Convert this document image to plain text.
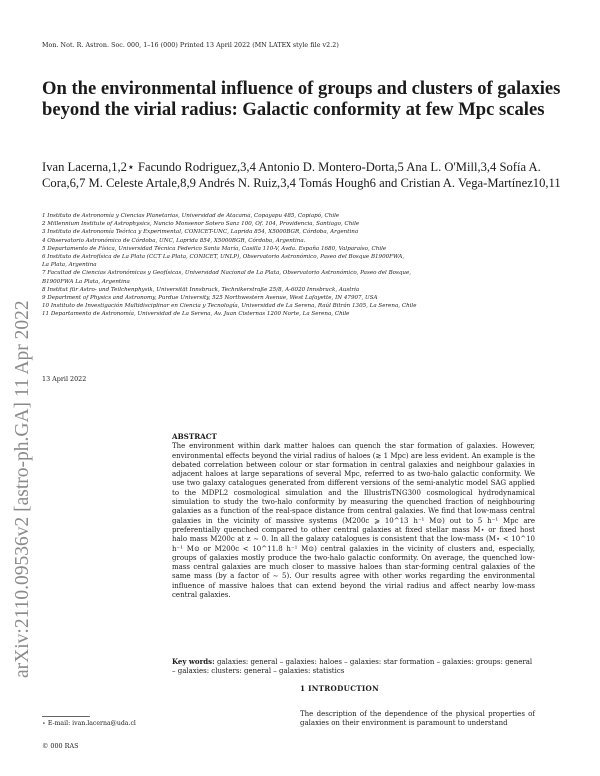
Mon. Not. R. Astron. Soc. 000, 1–16 (000) Printed 13 April 2022 (MN LATEX style file v2.2)
On the environmental influence of groups and clusters of galaxies beyond the virial radius: Galactic conformity at few Mpc scales
Ivan Lacerna,1,2⋆ Facundo Rodriguez,3,4 Antonio D. Montero-Dorta,5 Ana L. O'Mill,3,4 Sofía A. Cora,6,7 M. Celeste Artale,8,9 Andrés N. Ruiz,3,4 Tomás Hough6 and Cristian A. Vega-Martínez10,11
1 Instituto de Astronomía y Ciencias Planetarias, Universidad de Atacama, Copayapu 485, Copiapó, Chile
2 Millennium Institute of Astrophysics, Nuncio Monsenor Sotero Sanz 100, Of. 104, Providencia, Santiago, Chile
3 Instituto de Astronomía Teórica y Experimental, CONICET-UNC, Laprida 854, X5000BGR, Córdoba, Argentina
4 Observatorio Astronómico de Córdoba, UNC, Laprida 854, X5000BGR, Córdoba, Argentina.
5 Departamento de Física, Universidad Técnica Federico Santa María, Casilla 110-V, Avda. España 1680, Valparaíso, Chile
6 Instituto de Astrofísica de La Plata (CCT La Plata, CONICET, UNLP), Observatorio Astronómico, Paseo del Bosque B1900FWA,
La Plata, Argentina
7 Facultad de Ciencias Astronómicas y Geofísicas, Universidad Nacional de La Plata, Observatorio Astronómico, Paseo del Bosque,
B1900FWA La Plata, Argentina
8 Institut für Astro- und Teilchenphysik, Universität Innsbruck, Technikerstraße 25/8, A-6020 Innsbruck, Austria
9 Department of Physics and Astronomy, Purdue University, 525 Northwestern Avenue, West Lafayette, IN 47907, USA
10 Instituto de Investigación Multidisciplinar en Ciencia y Tecnología, Universidad de La Serena, Raúl Bitrán 1305, La Serena, Chile
11 Departamento de Astronomía, Universidad de La Serena, Av. Juan Cisternas 1200 Norte, La Serena, Chile
13 April 2022
arXiv:2110.09536v2 [astro-ph.GA] 11 Apr 2022	ABSTRACT
The environment within dark matter haloes can quench the star formation of galaxies. However, environmental effects beyond the virial radius of haloes (≳ 1 Mpc) are less evident. An example is the debated correlation between colour or star formation in central galaxies and neighbour galaxies in adjacent haloes at large separations of several Mpc, referred to as two-halo galactic conformity. We use two galaxy catalogues generated from different versions of the semi-analytic model SAG applied to the MDPL2 cosmological simulation and the IllustrisTNG300 cosmological hydrodynamical simulation to study the two-halo conformity by measuring the quenched fraction of neighbouring galaxies as a function of the real-space distance from central galaxies. We find that low-mass central galaxies in the vicinity of massive systems (M200c ⩾ 10^13 h⁻¹ M⊙) out to 5 h⁻¹ Mpc are preferentially quenched compared to other central galaxies at fixed stellar mass M⋆ or fixed host halo mass M200c at z ∼ 0. In all the galaxy catalogues is consistent that the low-mass (M⋆ < 10^10 h⁻¹ M⊙ or M200c < 10^11.8 h⁻¹ M⊙) central galaxies in the vicinity of clusters and, especially, groups of galaxies mostly produce the two-halo galactic conformity. On average, the quenched low-mass central galaxies are much closer to massive haloes than star-forming central galaxies of the same mass (by a factor of ∼ 5). Our results agree with other works regarding the environmental influence of massive haloes that can extend beyond the virial radius and affect nearby low-mass central galaxies.
Key words: galaxies: general – galaxies: haloes – galaxies: star formation – galaxies: groups: general – galaxies: clusters: general – galaxies: statistics
1 INTRODUCTION
The description of the dependence of the physical properties of galaxies on their environment is paramount to understand
⋆ E-mail: ivan.lacerna@uda.cl
© 000 RAS
